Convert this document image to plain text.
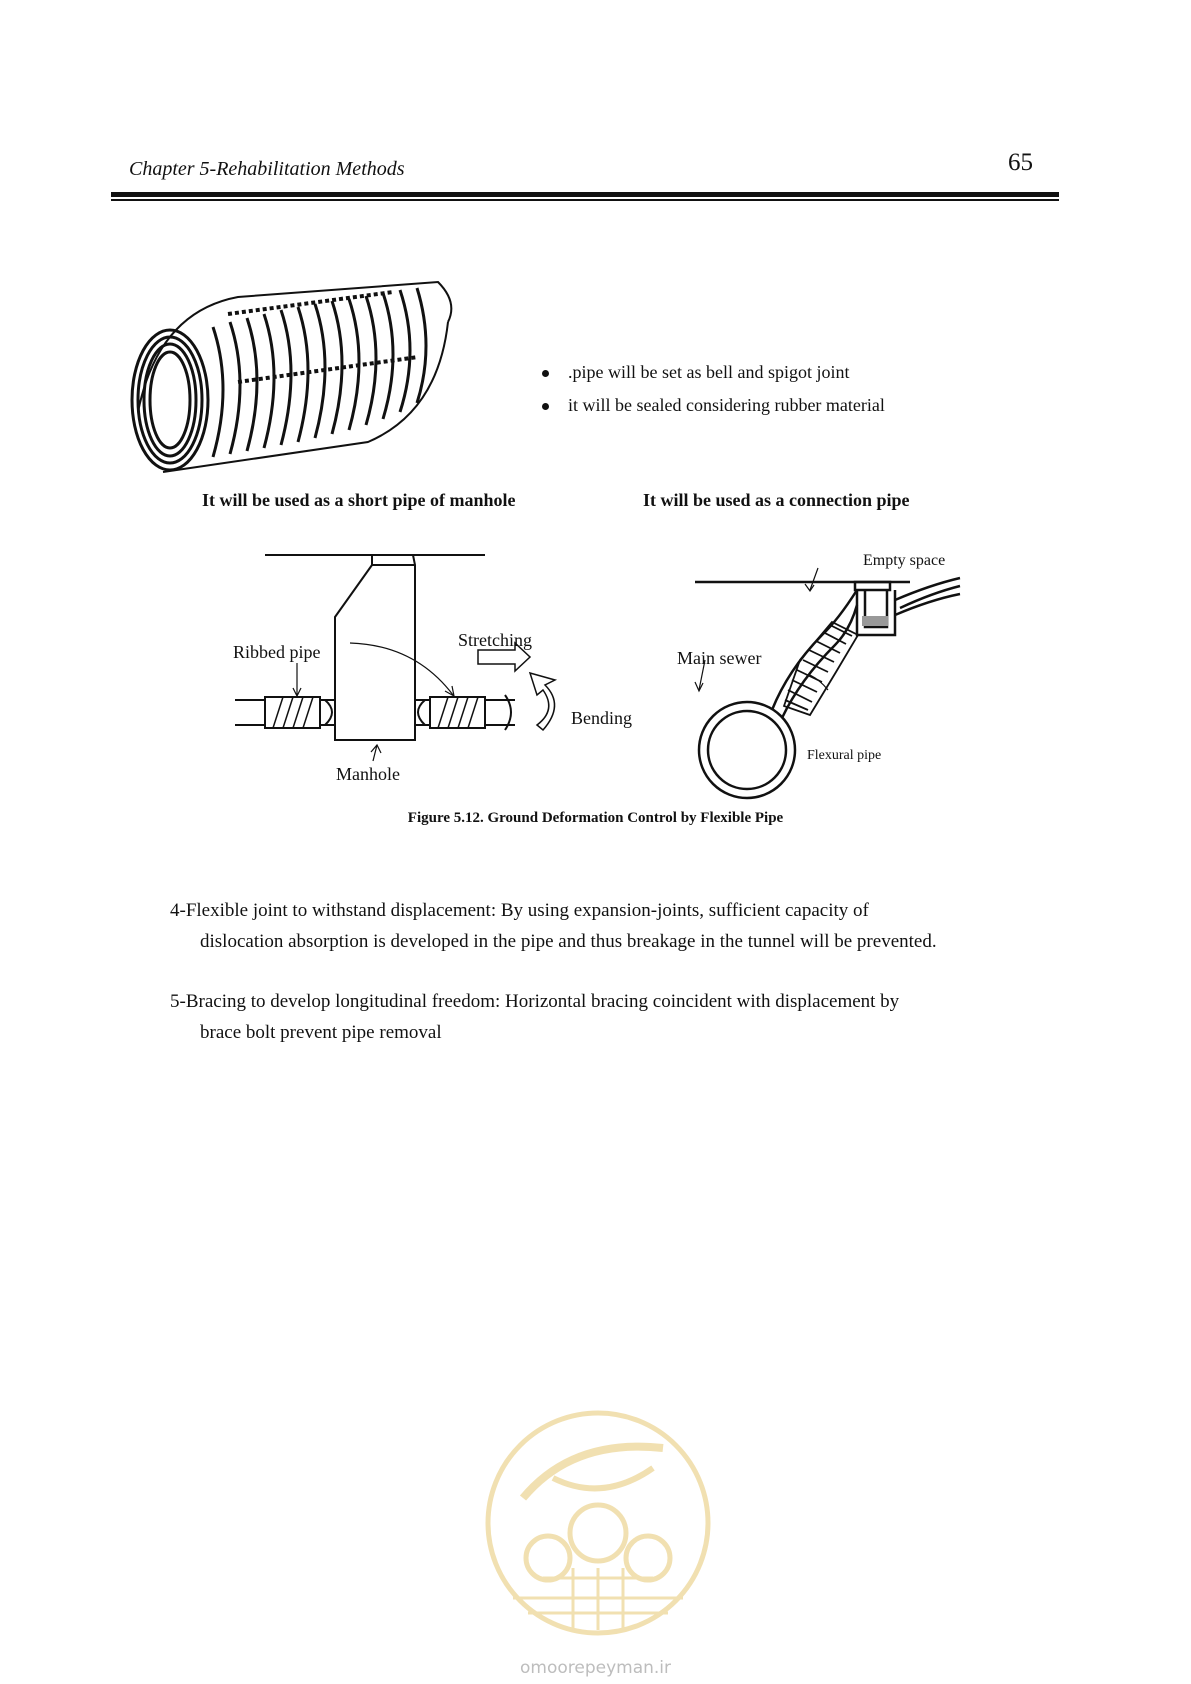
Chapter 5-Rehabilitation Methods	65
.pipe will be set as bell and spigot joint
it will be sealed considering rubber material
It will be used as a short pipe of manhole	It will be used as a connection pipe
Ribbed pipe
Stretching
Bending
Manhole
Empty space
Main sewer
Flexural pipe
Figure 5.12. Ground Deformation Control by Flexible Pipe
4-Flexible joint to withstand displacement: By using expansion-joints, sufficient capacity of
dislocation absorption is developed in the pipe and thus breakage in the tunnel will be prevented.
5-Bracing to develop longitudinal freedom: Horizontal bracing coincident with displacement by
brace bolt prevent pipe removal
omoorepeyman.ir
